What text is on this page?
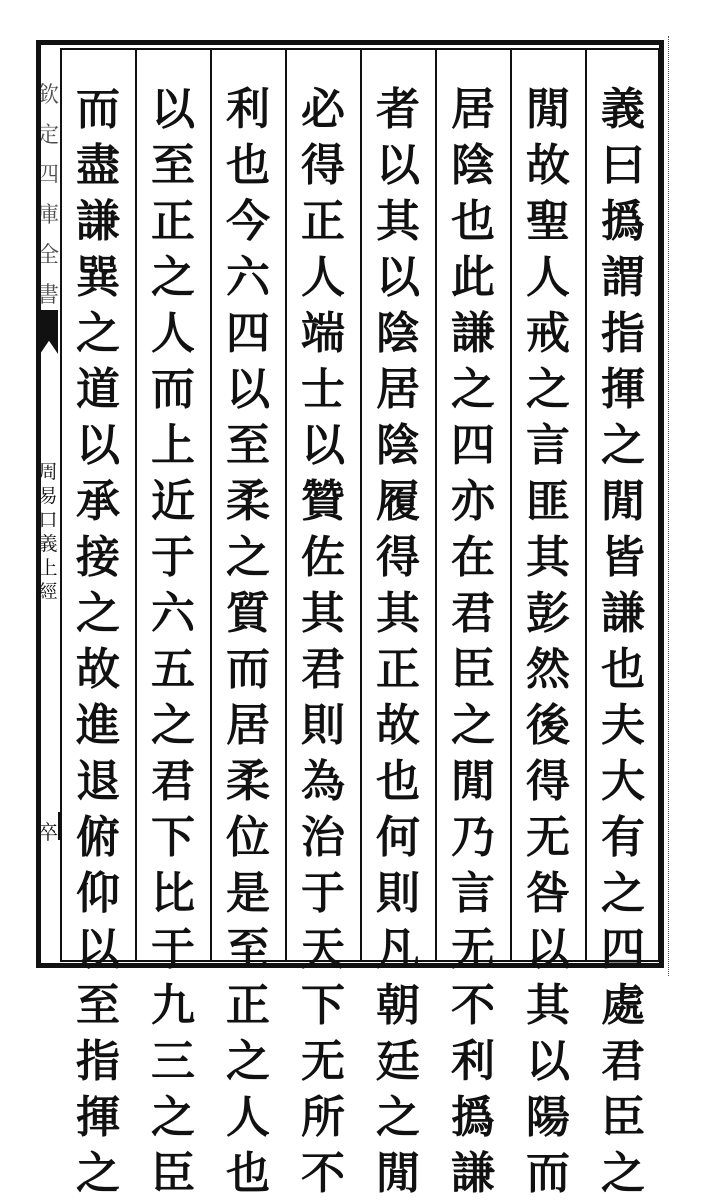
欽
定
四
庫
全
書
周
易
口
義
上
經
卒
義
曰
撝
謂
指
揮
之
閒
皆
謙
也
夫
大
有
之
四
處
君
臣
之
閒
故
聖
人
戒
之
言
匪
其
彭
然
後
得
无
咎
以
其
以
陽
而
居
陰
也
此
謙
之
四
亦
在
君
臣
之
閒
乃
言
无
不
利
撝
謙
者
以
其
以
陰
居
陰
履
得
其
正
故
也
何
則
凡
朝
廷
之
閒
必
得
正
人
端
士
以
贊
佐
其
君
則
為
治
于
天
下
无
所
不
利
也
今
六
四
以
至
柔
之
質
而
居
柔
位
是
至
正
之
人
也
以
至
正
之
人
而
上
近
于
六
五
之
君
下
比
于
九
三
之
臣
而
盡
謙
巽
之
道
以
承
接
之
故
進
退
俯
仰
以
至
指
揮
之
